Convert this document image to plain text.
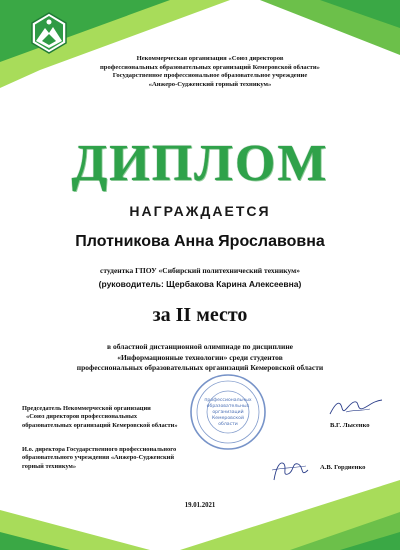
Некоммерческая организация «Союз директоров
профессиональных образовательных организаций Кемеровской области»
Государственное профессиональное образовательное учреждение
«Анжеро-Судженский горный техникум»
ДИПЛОМ
НАГРАЖДАЕТСЯ
Плотникова Анна Ярославовна
студентка ГПОУ «Сибирский политехнический техникум»
(руководитель: Щербакова Карина Алексеевна)
за II место
в областной дистанционной олимпиаде по дисциплине
«Информационные технологии» среди студентов
профессиональных образовательных организаций Кемеровской области
профессиональных
образовательных
организаций
Кемеровской
области
Председатель Некоммерческой организации
«Союз директоров профессиональных
образовательных организаций Кемеровской области»	В.Г. Лысенко
И.о. директора Государственного профессионального
образовательного учреждения «Анжеро-Судженский
горный техникум»	А.В. Гордиенко
19.01.2021
